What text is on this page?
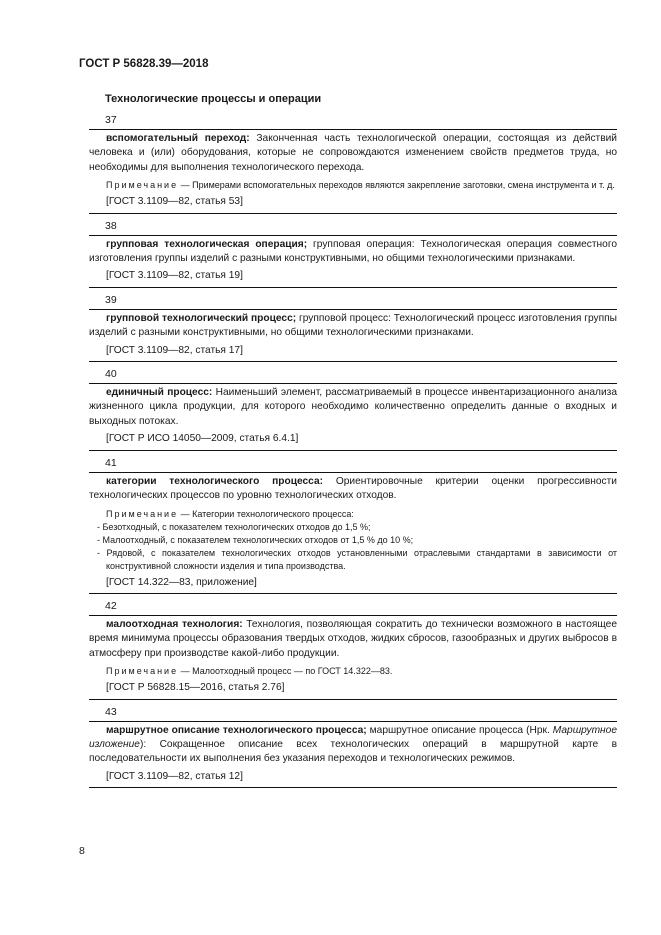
ГОСТ Р 56828.39—2018

Технологические процессы и операции

37

вспомогательный переход: Законченная часть технологической операции, состоящая из действий человека и (или) оборудования, которые не сопровождаются изменением свойств предметов труда, но необходимы для выполнения технологического перехода.

Примечание — Примерами вспомогательных переходов являются закрепление заготовки, смена инструмента и т. д.

[ГОСТ 3.1109—82, статья 53]

38

групповая технологическая операция; групповая операция: Технологическая операция совместного изготовления группы изделий с разными конструктивными, но общими технологическими признаками.

[ГОСТ 3.1109—82, статья 19]

39

групповой технологический процесс; групповой процесс: Технологический процесс изготовления группы изделий с разными конструктивными, но общими технологическими признаками.

[ГОСТ 3.1109—82, статья 17]

40

единичный процесс: Наименьший элемент, рассматриваемый в процессе инвентаризационного анализа жизненного цикла продукции, для которого необходимо количественно определить данные о входных и выходных потоках.

[ГОСТ Р ИСО 14050—2009, статья 6.4.1]

41

категории технологического процесса: Ориентировочные критерии оценки прогрессивности технологических процессов по уровню технологических отходов.

Примечание — Категории технологического процесса:

- Безотходный, с показателем технологических отходов до 1,5 %;

- Малоотходный, с показателем технологических отходов от 1,5 % до 10 %;

- Рядовой, с показателем технологических отходов установленными отраслевыми стандартами в зависимости от конструктивной сложности изделия и типа производства.

[ГОСТ 14.322—83, приложение]

42

малоотходная технология: Технология, позволяющая сократить до технически возможного в настоящее время минимума процессы образования твердых отходов, жидких сбросов, газообразных и других выбросов в атмосферу при производстве какой-либо продукции.

Примечание — Малоотходный процесс — по ГОСТ 14.322—83.

[ГОСТ Р 56828.15—2016, статья 2.76]

43

маршрутное описание технологического процесса; маршрутное описание процесса (Нрк. Маршрутное изложение): Сокращенное описание всех технологических операций в маршрутной карте в последовательности их выполнения без указания переходов и технологических режимов.

[ГОСТ 3.1109—82, статья 12]

8
